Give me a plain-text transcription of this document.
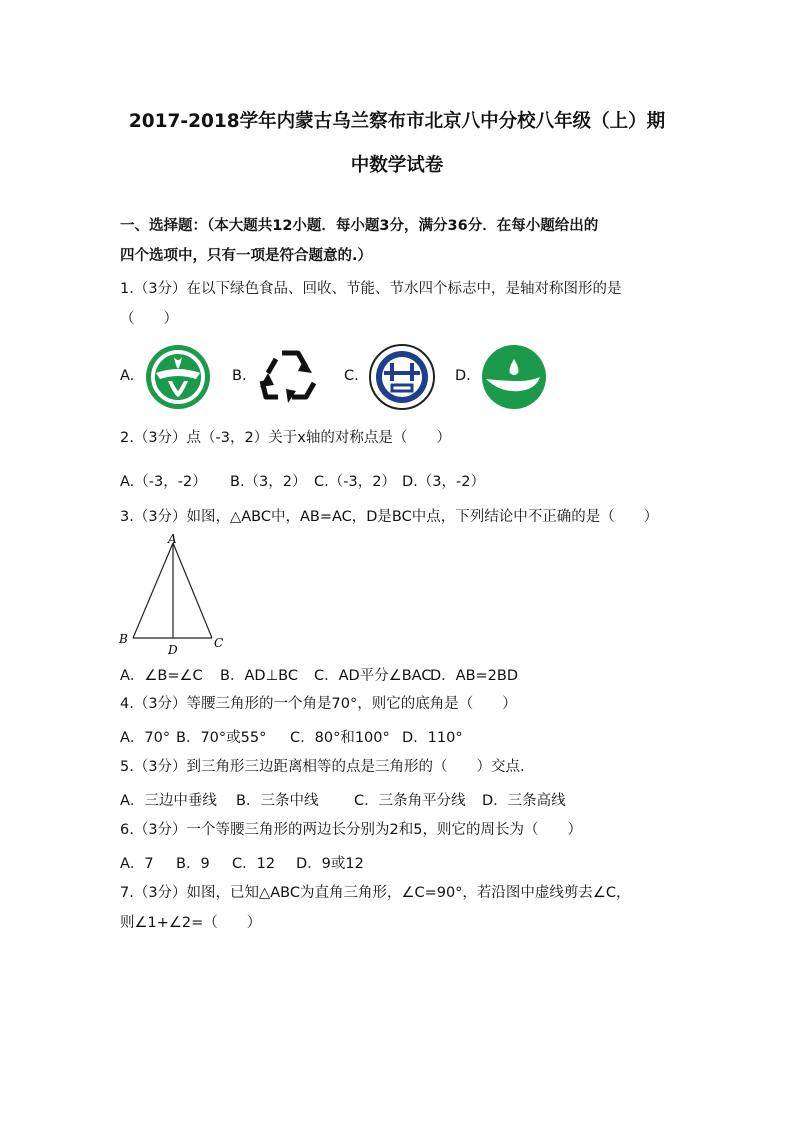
2017-2018学年内蒙古乌兰察布市北京八中分校八年级（上）期
中数学试卷
一、选择题：（本大题共12小题．每小题3分，满分36分．在每小题给出的
四个选项中，只有一项是符合题意的.）
1.（3分）在以下绿色食品、回收、节能、节水四个标志中，是轴对称图形的是
（　　）
A.	B.	C.	D.
2.（3分）点（-3，2）关于x轴的对称点是（　　）
A.（-3，-2） B.（3，2） C.（-3，2） D.（3，-2）
3.（3分）如图，△ABC中，AB=AC，D是BC中点，下列结论中不正确的是（　　）
A
B	C
D
A．∠B=∠C B．AD⊥BC C．AD平分∠BAC
D．AB=2BD
4.（3分）等腰三角形的一个角是70°，则它的底角是（　　）
A．70° B．70°或55° C．80°和100° D．110°
5.（3分）到三角形三边距离相等的点是三角形的（　　）交点.
A．三边中垂线 B．三条中线 C．三条角平分线 D．三条高线
6.（3分）一个等腰三角形的两边长分别为2和5，则它的周长为（　　）
A．7 B．9 C．12 D．9或12
7.（3分）如图，已知△ABC为直角三角形，∠C=90°，若沿图中虚线剪去∠C，
则∠1+∠2=（　　）
